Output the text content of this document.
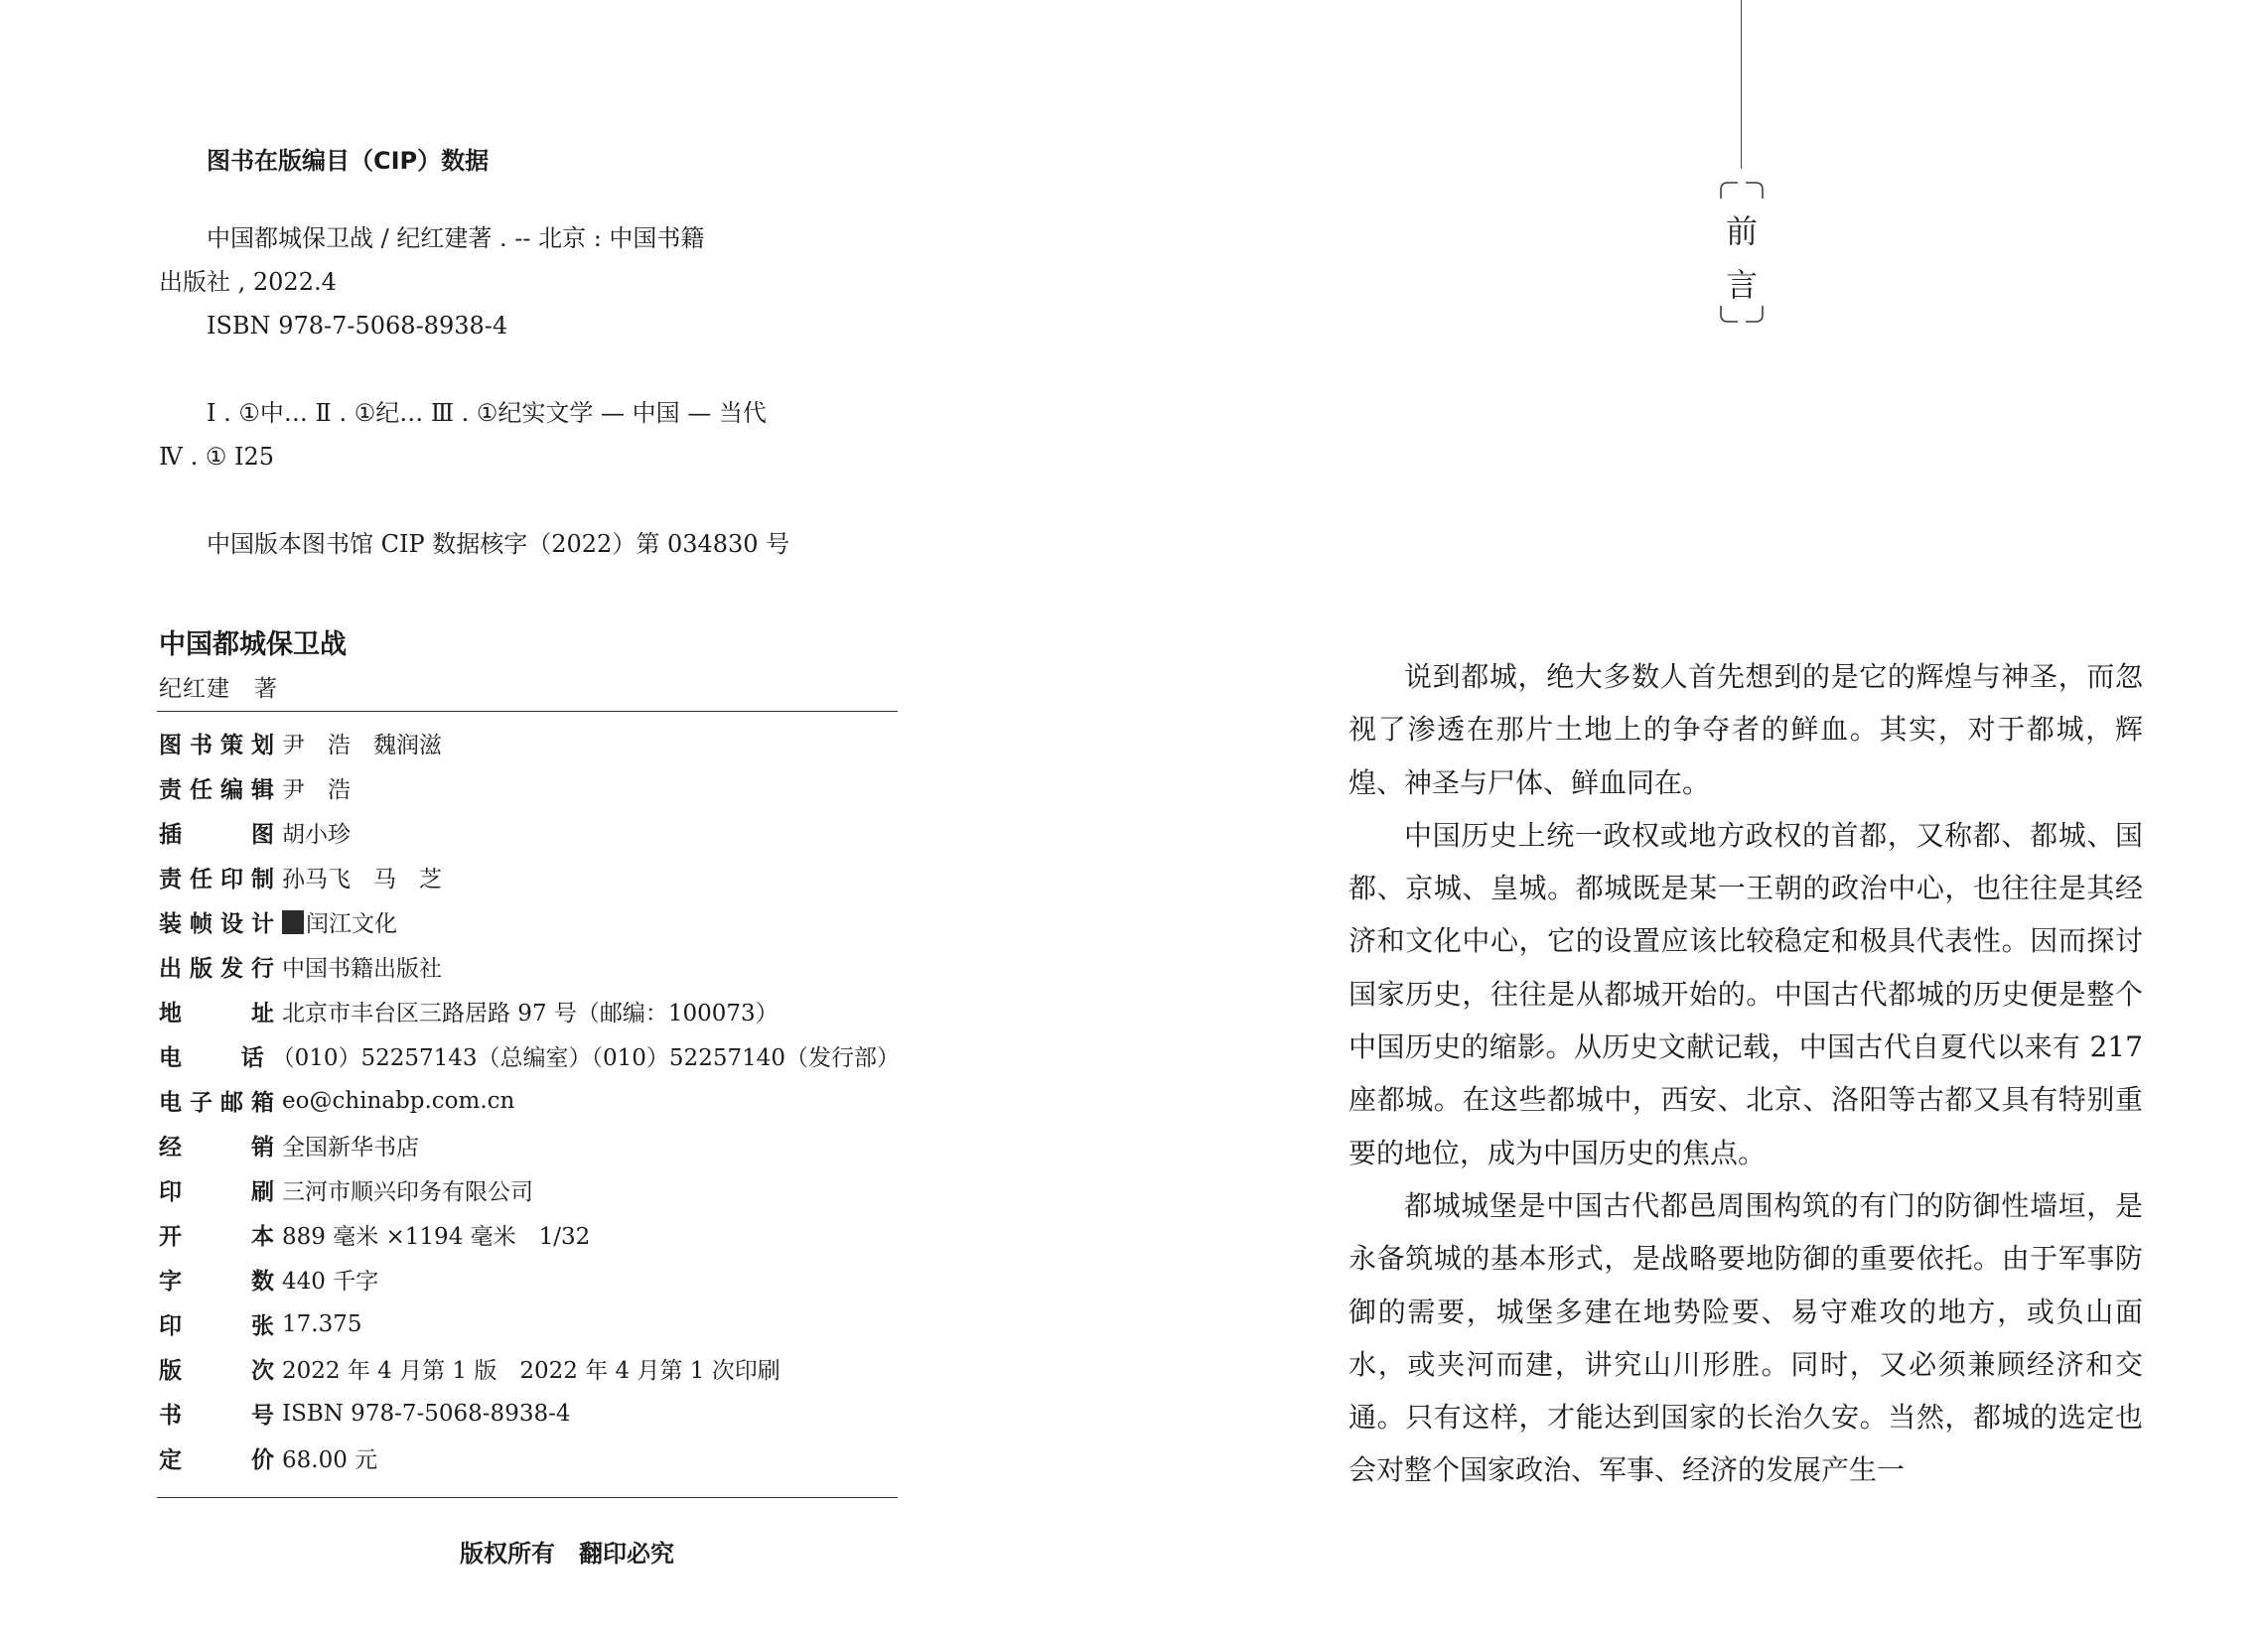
图书在版编目（CIP）数据
中国都城保卫战 / 纪红建著 . -- 北京 : 中国书籍
出版社 , 2022.4
ISBN 978-7-5068-8938-4
Ⅰ . ①中… Ⅱ . ①纪… Ⅲ . ①纪实文学 — 中国 — 当代
Ⅳ . ① I25
中国版本图书馆 CIP 数据核字（2022）第 034830 号
中国都城保卫战
纪红建　著
图 书 策 划 尹　浩　魏润滋
责 任 编 辑 尹　浩
插	图 胡小珍
责 任 印 制 孙马飞　马　芝
装 帧 设 计	闰江文化
出 版 发 行 中国书籍出版社
地	址 北京市丰台区三路居路 97 号（邮编：100073）
电	话 （010）52257143（总编室）（010）52257140（发行部）
电 子 邮 箱 eo@chinabp.com.cn
经	销 全国新华书店
印	刷 三河市顺兴印务有限公司
开	本 889 毫米 ×1194 毫米　1/32
字	数 440 千字
印	张 17.375
版	次 2022 年 4 月第 1 版　2022 年 4 月第 1 次印刷
书	号 ISBN 978-7-5068-8938-4
定	价 68.00 元
版权所有　翻印必究
前
言

说到都城，绝大多数人首先想到的是它的辉煌与神圣，而忽视了渗透在那片土地上的争夺者的鲜血。其实，对于都城，辉煌、神圣与尸体、鲜血同在。

中国历史上统一政权或地方政权的首都，又称都、都城、国都、京城、皇城。都城既是某一王朝的政治中心，也往往是其经济和文化中心，它的设置应该比较稳定和极具代表性。因而探讨国家历史，往往是从都城开始的。中国古代都城的历史便是整个中国历史的缩影。从历史文献记载，中国古代自夏代以来有 217 座都城。在这些都城中，西安、北京、洛阳等古都又具有特别重要的地位，成为中国历史的焦点。

都城城堡是中国古代都邑周围构筑的有门的防御性墙垣，是永备筑城的基本形式，是战略要地防御的重要依托。由于军事防御的需要，城堡多建在地势险要、易守难攻的地方，或负山面水，或夹河而建，讲究山川形胜。同时，又必须兼顾经济和交通。只有这样，才能达到国家的长治久安。当然，都城的选定也会对整个国家政治、军事、经济的发展产生一
